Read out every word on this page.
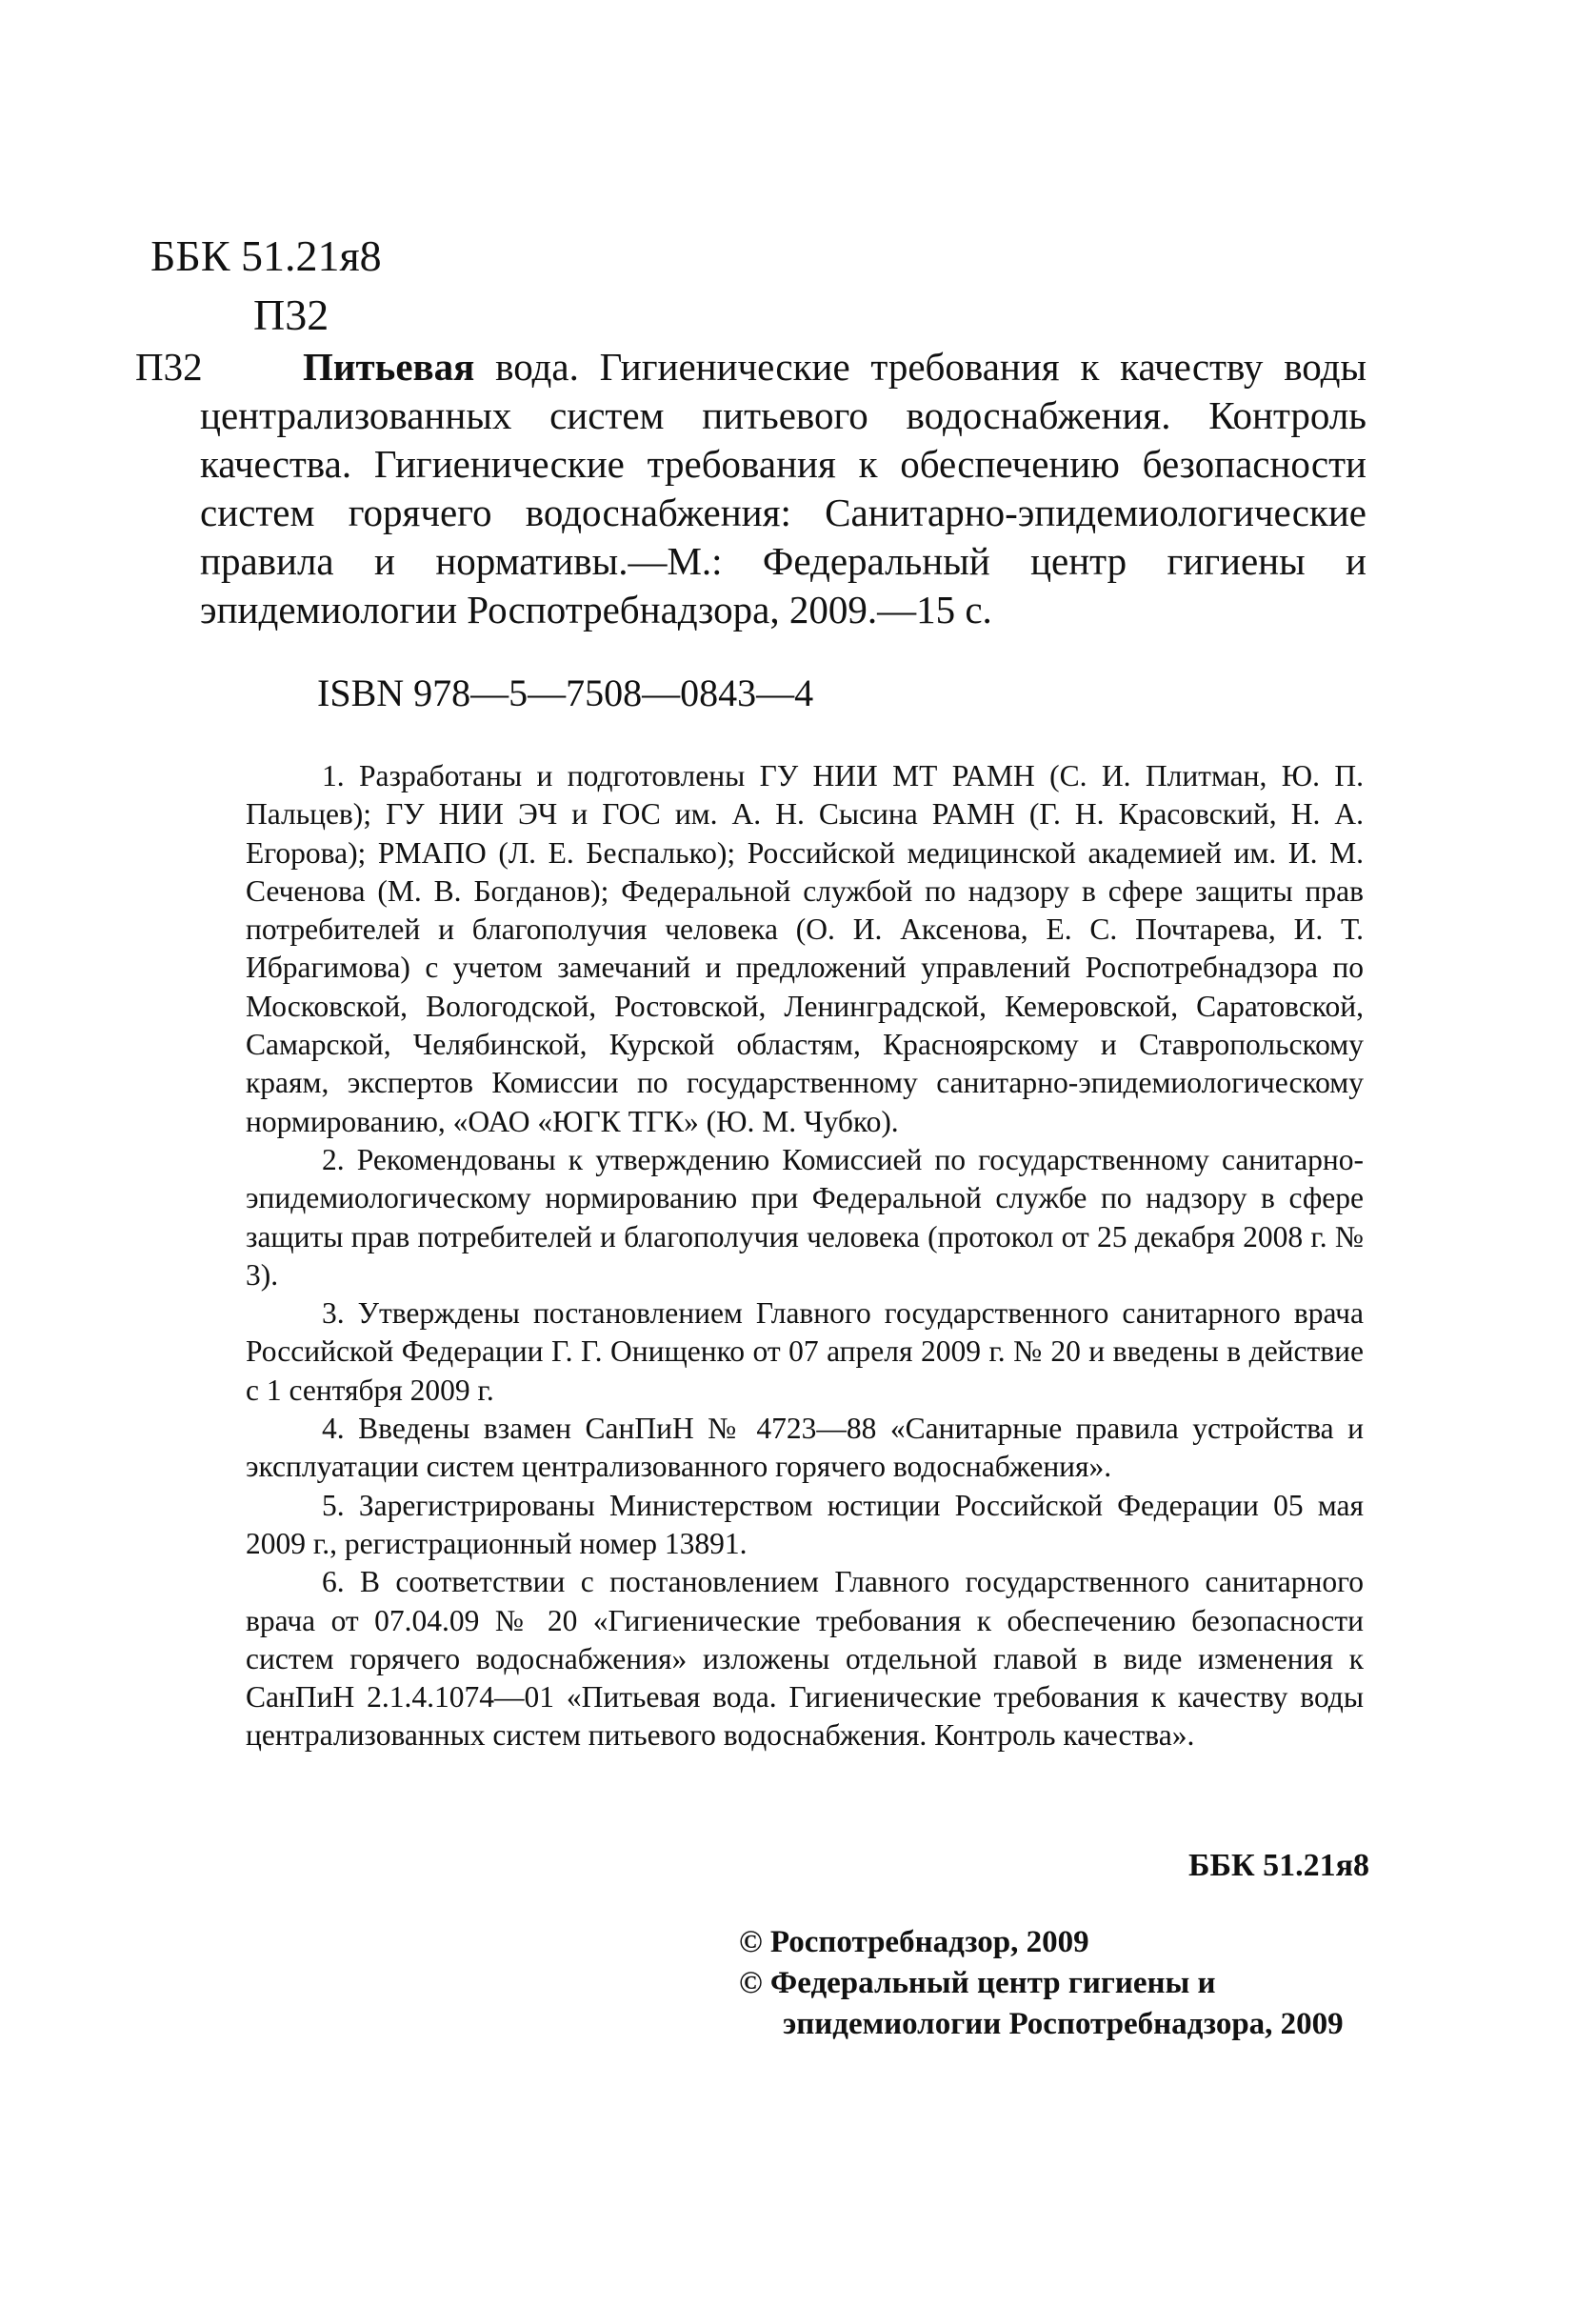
ББК 51.21я8
П32
П32	Питьевая вода. Гигиенические требования к качеству воды централизованных систем питьевого водоснабжения. Контроль качества. Гигиенические требования к обеспечению безопасности систем горячего водоснабжения: Санитарно-эпидемиологические правила и нормативы.—М.: Федеральный центр гигиены и эпидемиологии Роспотребнадзора, 2009.—15 с.
ISBN 978—5—7508—0843—4

1. Разработаны и подготовлены ГУ НИИ МТ РАМН (С. И. Плитман, Ю. П. Пальцев); ГУ НИИ ЭЧ и ГОС им. А. Н. Сысина РАМН (Г. Н. Красовский, Н. А. Егорова); РМАПО (Л. Е. Беспалько); Российской медицинской академией им. И. М. Сеченова (М. В. Богданов); Федеральной службой по надзору в сфере защиты прав потребителей и благополучия человека (О. И. Аксенова, Е. С. Почтарева, И. Т. Ибрагимова) с учетом замечаний и предложений управлений Роспотребнадзора по Московской, Вологодской, Ростовской, Ленинградской, Кемеровской, Саратовской, Самарской, Челябинской, Курской областям, Красноярскому и Ставропольскому краям, экспертов Комиссии по государственному санитарно-эпидемиологическому нормированию, «ОАО «ЮГК ТГК» (Ю. М. Чубко).

2. Рекомендованы к утверждению Комиссией по государственному санитарно-эпидемиологическому нормированию при Федеральной службе по надзору в сфере защиты прав потребителей и благополучия человека (протокол от 25 декабря 2008 г. № 3).

3. Утверждены постановлением Главного государственного санитарного врача Российской Федерации Г. Г. Онищенко от 07 апреля 2009 г. № 20 и введены в действие с 1 сентября 2009 г.

4. Введены взамен СанПиН № 4723—88 «Санитарные правила устройства и эксплуатации систем централизованного горячего водоснабжения».

5. Зарегистрированы Министерством юстиции Российской Федерации 05 мая 2009 г., регистрационный номер 13891.

6. В соответствии с постановлением Главного государственного санитарного врача от 07.04.09 № 20 «Гигиенические требования к обеспечению безопасности систем горячего водоснабжения» изложены отдельной главой в виде изменения к СанПиН 2.1.4.1074—01 «Питьевая вода. Гигиенические требования к качеству воды централизованных систем питьевого водоснабжения. Контроль качества».

ББК 51.21я8
© Роспотребнадзор, 2009
© Федеральный центр гигиены и
эпидемиологии Роспотребнадзора, 2009
